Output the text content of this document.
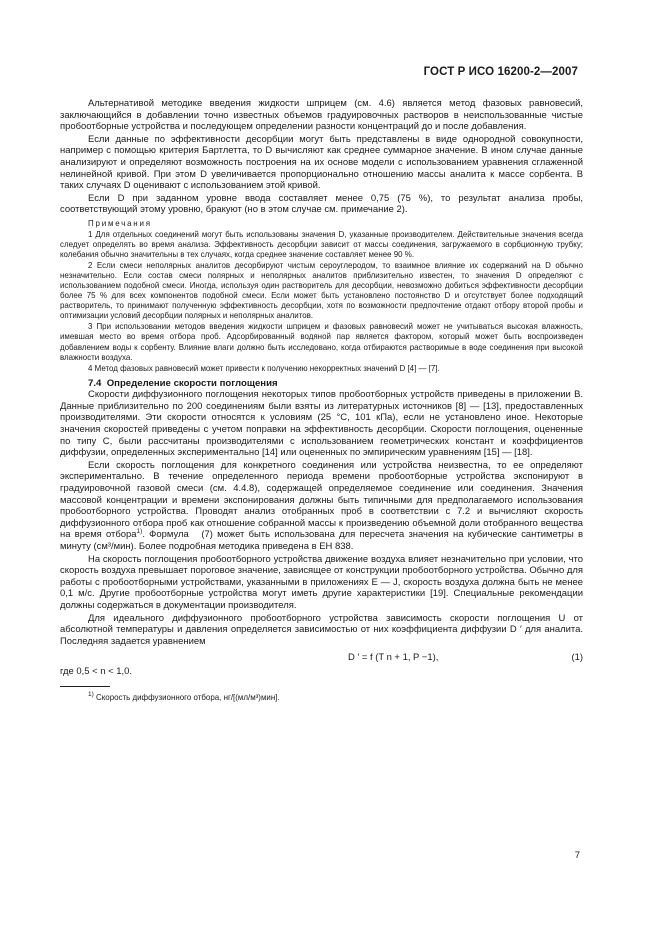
ГОСТ Р ИСО 16200-2—2007

Альтернативой методике введения жидкости шприцем (см. 4.6) является метод фазовых равновесий, заключающийся в добавлении точно известных объемов градуировочных растворов в неиспользованные чистые пробоотборные устройства и последующем определении разности концентраций до и после добавления.

Если данные по эффективности десорбции могут быть представлены в виде однородной совокупности, например с помощью критерия Бартлетта, то D вычисляют как среднее суммарное значение. В ином случае данные анализируют и определяют возможность построения на их основе модели с использованием уравнения сглаженной нелинейной кривой. При этом D увеличивается пропорционально отношению массы аналита к массе сорбента. В таких случаях D оценивают с использованием этой кривой.

Если D при заданном уровне ввода составляет менее 0,75 (75 %), то результат анализа пробы, соответствующий этому уровню, бракуют (но в этом случае см. примечание 2).

Примечания

1 Для отдельных соединений могут быть использованы значения D, указанные производителем. Действительные значения всегда следует определять во время анализа. Эффективность десорбции зависит от массы соединения, загружаемого в сорбционную трубку; колебания обычно значительны в тех случаях, когда среднее значение составляет менее 90 %.

2 Если смеси неполярных аналитов десорбируют чистым сероуглеродом, то взаимное влияние их содержаний на D обычно незначительно. Если состав смеси полярных и неполярных аналитов приблизительно известен, то значения D определяют с использованием подобной смеси. Иногда, используя один растворитель для десорбции, невозможно добиться эффективности десорбции более 75 % для всех компонентов подобной смеси. Если может быть установлено постоянство D и отсутствует более подходящий растворитель, то принимают полученную эффективность десорбции, хотя по возможности предпочтение отдают отбору второй пробы и оптимизации условий десорбции полярных и неполярных аналитов.

3 При использовании методов введения жидкости шприцем и фазовых равновесий может не учитываться высокая влажность, имевшая место во время отбора проб. Адсорбированный водяной пар является фактором, который может быть воспроизведен добавлением воды к сорбенту. Влияние влаги должно быть исследовано, когда отбираются растворимые в воде соединения при высокой влажности воздуха.

4 Метод фазовых равновесий может привести к получению некорректных значений D [4] — [7].

7.4 Определение скорости поглощения

Скорости диффузионного поглощения некоторых типов пробоотборных устройств приведены в приложении В. Данные приблизительно по 200 соединениям были взяты из литературных источников [8] — [13], предоставленных производителями. Эти скорости относятся к условиям (25 °С, 101 кПа), если не установлено иное. Некоторые значения скоростей приведены с учетом поправки на эффективность десорбции. Скорости поглощения, оцененные по типу С, были рассчитаны производителями с использованием геометрических констант и коэффициентов диффузии, определенных экспериментально [14] или оцененных по эмпирическим уравнениям [15] — [18].

Если скорость поглощения для конкретного соединения или устройства неизвестна, то ее определяют экспериментально. В течение определенного периода времени пробоотборные устройства экспонируют в градуировочной газовой смеси (см. 4.4.8), содержащей определяемое соединение или соединения. Значения массовой концентрации и времени экспонирования должны быть типичными для предполагаемого использования пробоотборного устройства. Проводят анализ отобранных проб в соответствии с 7.2 и вычисляют скорость диффузионного отбора проб как отношение собранной массы к произведению объемной доли отобранного вещества на время отбора$^{1)}$. Формула (7) может быть использована для пересчета значения на кубические сантиметры в минуту (см³/мин). Более подробная методика приведена в ЕН 838.

На скорость поглощения пробоотборного устройства движение воздуха влияет незначительно при условии, что скорость воздуха превышает пороговое значение, зависящее от конструкции пробоотборного устройства. Обычно для работы с пробоотборными устройствами, указанными в приложениях Е — J, скорость воздуха должна быть не менее 0,1 м/с. Другие пробоотборные устройства могут иметь другие характеристики [19]. Специальные рекомендации должны содержаться в документации производителя.

Для идеального диффузионного пробоотборного устройства зависимость скорости поглощения U от абсолютной температуры и давления определяется зависимостью от них коэффициента диффузии D ′ для аналита. Последняя задается уравнением

D ′ = f (T n + 1, P −1),	(1)

где 0,5 < n < 1,0.

$^{1)}$ Скорость диффузионного отбора, нг/[(мл/м³)мин].
7
